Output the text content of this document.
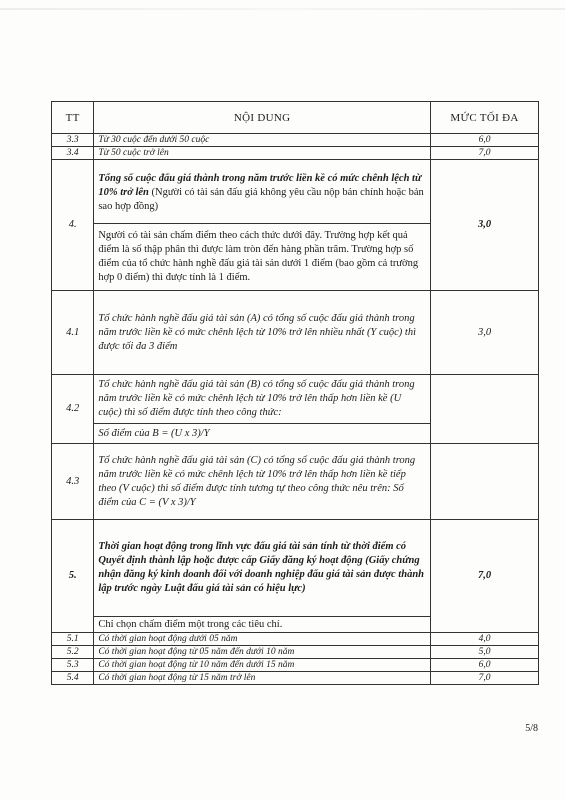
TT	NỘI DUNG	MỨC TỐI ĐA
3.3	Từ 30 cuộc đến dưới 50 cuộc	6,0
3.4	Từ 50 cuộc trở lên	7,0
4.	Tổng số cuộc đấu giá thành trong năm trước liền kề có mức chênh lệch từ 10% trở lên (Người có tài sản đấu giá không yêu cầu nộp bản chính hoặc bản sao hợp đồng)	3,0
	Người có tài sản chấm điểm theo cách thức dưới đây. Trường hợp kết quả điểm là số thập phân thì được làm tròn đến hàng phần trăm. Trường hợp số điểm của tổ chức hành nghề đấu giá tài sản dưới 1 điểm (bao gồm cả trường hợp 0 điểm) thì được tính là 1 điểm.	
4.1	Tổ chức hành nghề đấu giá tài sản (A) có tổng số cuộc đấu giá thành trong năm trước liền kề có mức chênh lệch từ 10% trở lên nhiều nhất (Y cuộc) thì được tối đa 3 điểm	3,0
4.2	Tổ chức hành nghề đấu giá tài sản (B) có tổng số cuộc đấu giá thành trong năm trước liền kề có mức chênh lệch từ 10% trở lên thấp hơn liền kề (U cuộc) thì số điểm được tính theo công thức:	
	Số điểm của B = (U x 3)/Y	
4.3	Tổ chức hành nghề đấu giá tài sản (C) có tổng số cuộc đấu giá thành trong năm trước liền kề có mức chênh lệch từ 10% trở lên thấp hơn liền kề tiếp theo (V cuộc) thì số điểm được tính tương tự theo công thức nêu trên: Số điểm của C = (V x 3)/Y	
5.	Thời gian hoạt động trong lĩnh vực đấu giá tài sản tính từ thời điểm có Quyết định thành lập hoặc được cấp Giấy đăng ký hoạt động (Giấy chứng nhận đăng ký kinh doanh đối với doanh nghiệp đấu giá tài sản được thành lập trước ngày Luật đấu giá tài sản có hiệu lực)	7,0
	Chỉ chọn chấm điểm một trong các tiêu chí.	
5.1	Có thời gian hoạt động dưới 05 năm	4,0
5.2	Có thời gian hoạt động từ 05 năm đến dưới 10 năm	5,0
5.3	Có thời gian hoạt động từ 10 năm đến dưới 15 năm	6,0
5.4	Có thời gian hoạt động từ 15 năm trở lên	7,0
5/8
